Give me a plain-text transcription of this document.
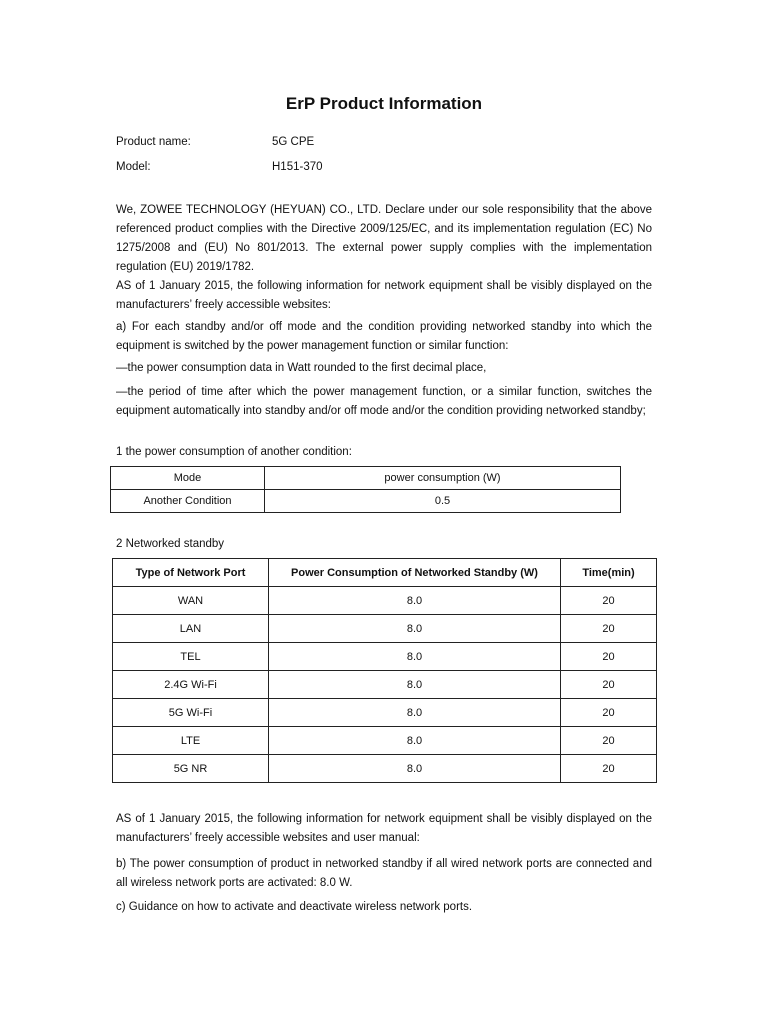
ErP Product Information
Product name:	5G CPE
Model:	H151-370

We, ZOWEE TECHNOLOGY (HEYUAN) CO., LTD. Declare under our sole responsibility that the above referenced product complies with the Directive 2009/125/EC, and its implementation regulation (EC) No 1275/2008 and (EU) No 801/2013. The external power supply complies with the implementation regulation (EU) 2019/1782.

AS of 1 January 2015, the following information for network equipment shall be visibly displayed on the manufacturers’ freely accessible websites:

a) For each standby and/or off mode and the condition providing networked standby into which the equipment is switched by the power management function or similar function:

—the power consumption data in Watt rounded to the first decimal place,

—the period of time after which the power management function, or a similar function, switches the equipment automatically into standby and/or off mode and/or the condition providing networked standby;

1 the power consumption of another condition:

Mode	power consumption (W)
Another Condition	0.5

2 Networked standby

Type of Network Port	Power Consumption of Networked Standby (W)	Time(min)
WAN	8.0	20
LAN	8.0	20
TEL	8.0	20
2.4G Wi-Fi	8.0	20
5G Wi-Fi	8.0	20
LTE	8.0	20
5G NR	8.0	20

AS of 1 January 2015, the following information for network equipment shall be visibly displayed on the manufacturers’ freely accessible websites and user manual:

b) The power consumption of product in networked standby if all wired network ports are connected and all wireless network ports are activated: 8.0 W.

c) Guidance on how to activate and deactivate wireless network ports.
